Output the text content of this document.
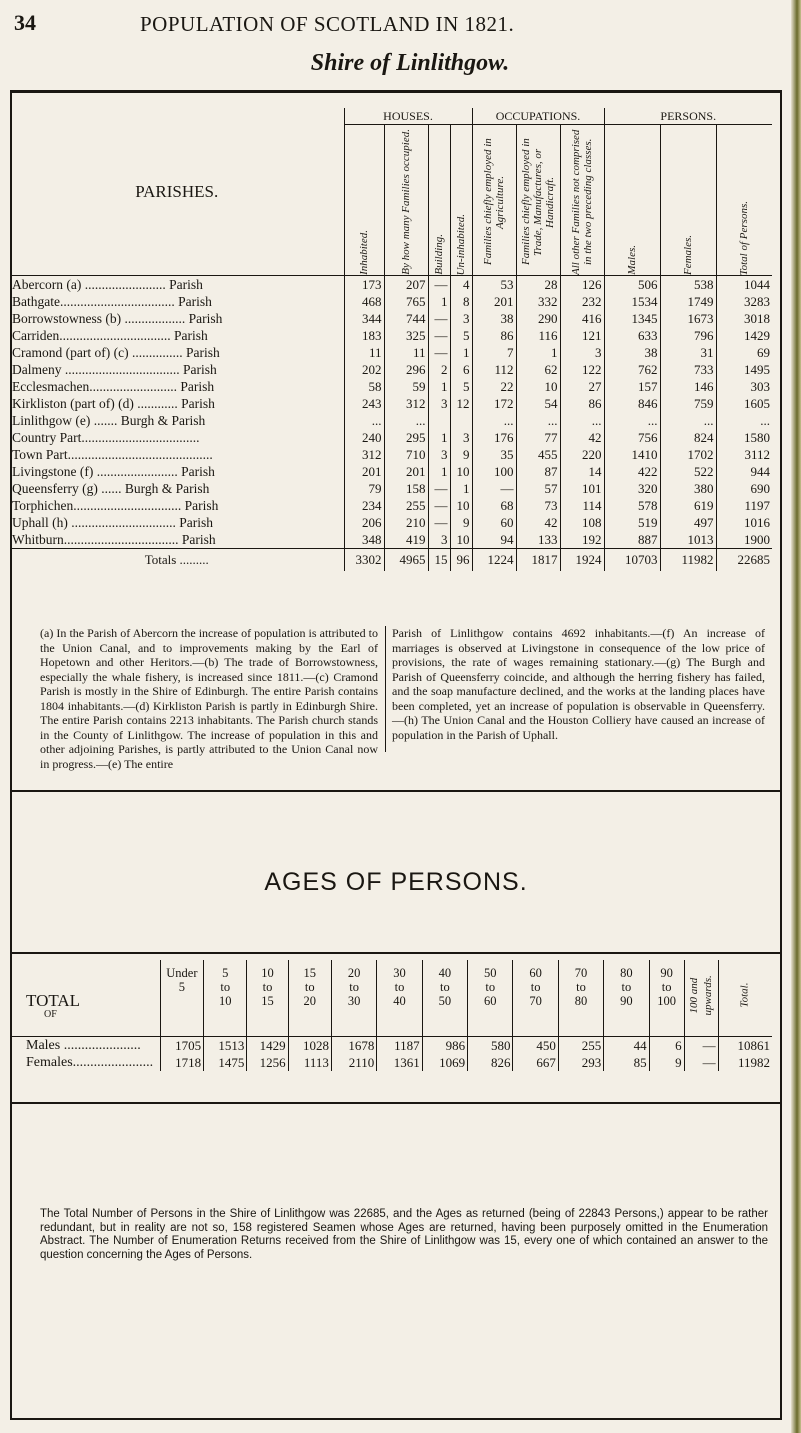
34	POPULATION OF SCOTLAND IN 1821.
Shire of Linlithgow.
PARISHES.	HOUSES.				OCCUPATIONS.			PERSONS.		

	Inhabited.	By how many Families occupied.	Building.	Un-inhabited.	Families chiefly employed in Agriculture.	Families chiefly employed in Trade, Manufactures, or Handicraft.	All other Families not comprised in the two preceding classes.	Males.	Females.	Total of Persons.

Abercorn (a) ........................ Parish	173	207	—	4	53	28	126	506	538	1044
Bathgate.................................. Parish	468	765	1	8	201	332	232	1534	1749	3283
Borrowstowness (b) .................. Parish	344	744	—	3	38	290	416	1345	1673	3018
Carriden................................. Parish	183	325	—	5	86	116	121	633	796	1429
Cramond (part of) (c) ............... Parish	11	11	—	1	7	1	3	38	31	69
Dalmeny .................................. Parish	202	296	2	6	112	62	122	762	733	1495
Ecclesmachen.......................... Parish	58	59	1	5	22	10	27	157	146	303
Kirkliston (part of) (d) ............ Parish	243	312	3	12	172	54	86	846	759	1605
Linlithgow (e) ....... Burgh & Parish	...	...			...	...	...	...	...	...
Country Part...................................	240	295	1	3	176	77	42	756	824	1580
Town Part...........................................	312	710	3	9	35	455	220	1410	1702	3112
Livingstone (f) ........................ Parish	201	201	1	10	100	87	14	422	522	944
Queensferry (g) ...... Burgh & Parish	79	158	—	1	—	57	101	320	380	690
Torphichen................................ Parish	234	255	—	10	68	73	114	578	619	1197
Uphall (h) ............................... Parish	206	210	—	9	60	42	108	519	497	1016
Whitburn.................................. Parish	348	419	3	10	94	133	192	887	1013	1900
Totals .........	3302	4965	15	96	1224	1817	1924	10703	11982	22685
(a) In the Parish of Abercorn the increase of population is attributed to the Union Canal, and to improvements making by the Earl of Hopetown and other Heritors.—(b) The trade of Borrowstowness, especially the whale fishery, is increased since 1811.—(c) Cramond Parish is mostly in the Shire of Edinburgh. The entire Parish contains 1804 inhabitants.—(d) Kirkliston Parish is partly in Edinburgh Shire. The entire Parish contains 2213 inhabitants. The Parish church stands in the County of Linlithgow. The increase of population in this and other adjoining Parishes, is partly attributed to the Union Canal now in progress.—(e) The entire
Parish of Linlithgow contains 4692 inhabitants.—(f) An increase of marriages is observed at Livingstone in consequence of the low price of provisions, the rate of wages remaining stationary.—(g) The Burgh and Parish of Queensferry coincide, and although the herring fishery has failed, and the soap manufacture declined, and the works at the landing places have been completed, yet an increase of population is observable in Queensferry.—(h) The Union Canal and the Houston Colliery have caused an increase of population in the Parish of Uphall.
AGES OF PERSONS.
TOTAL
OF	Under 5	5 to 10	10 to 15	15 to 20	20 to 30	30 to 40	40 to 50	50 to 60	60 to 70	70 to 80	80 to 90	90 to 100	100 and upwards.	Total.
Males ......................	1705	1513	1429	1028	1678	1187	986	580	450	255	44	6	—	10861
Females.......................	1718	1475	1256	1113	2110	1361	1069	826	667	293	85	9	—	11982
The Total Number of Persons in the Shire of Linlithgow was 22685, and the Ages as returned (being of 22843 Persons,) appear to be rather redundant, but in reality are not so, 158 registered Seamen whose Ages are returned, having been purposely omitted in the Enumeration Abstract. The Number of Enumeration Returns received from the Shire of Linlithgow was 15, every one of which contained an answer to the question concerning the Ages of Persons.
